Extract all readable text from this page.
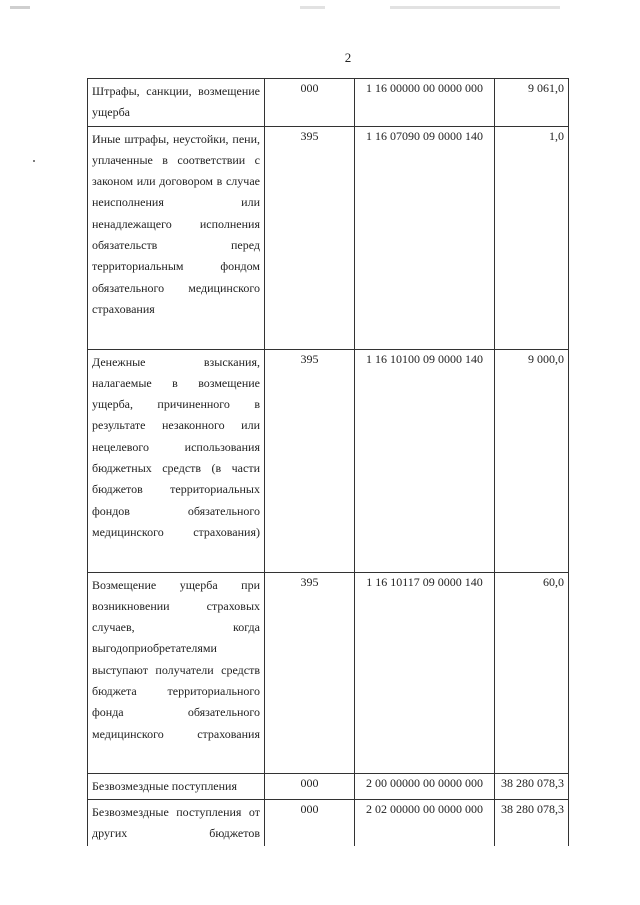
2
Штрафы, санкции, возмещение ущерба	000	1 16 00000 00 0000 000	9 061,0
Иные штрафы, неустойки, пени, уплаченные в соответствии с законом или договором в случае неисполнения или ненадлежащего исполнения обязательств перед территориальным фондом обязательного медицинского страхования	395	1 16 07090 09 0000 140	1,0
Денежные взыскания, налагаемые в возмещение ущерба, причиненного в результате незаконного или нецелевого использования бюджетных средств (в части бюджетов территориальных фондов обязательного медицинского страхования)	395	1 16 10100 09 0000 140	9 000,0
Возмещение ущерба при возникновении страховых случаев, когда выгодоприобретателями выступают получатели средств бюджета территориального фонда обязательного медицинского страхования	395	1 16 10117 09 0000 140	60,0
Безвозмездные поступления	000	2 00 00000 00 0000 000	38 280 078,3
Безвозмездные поступления от других бюджетов	000	2 02 00000 00 0000 000	38 280 078,3
